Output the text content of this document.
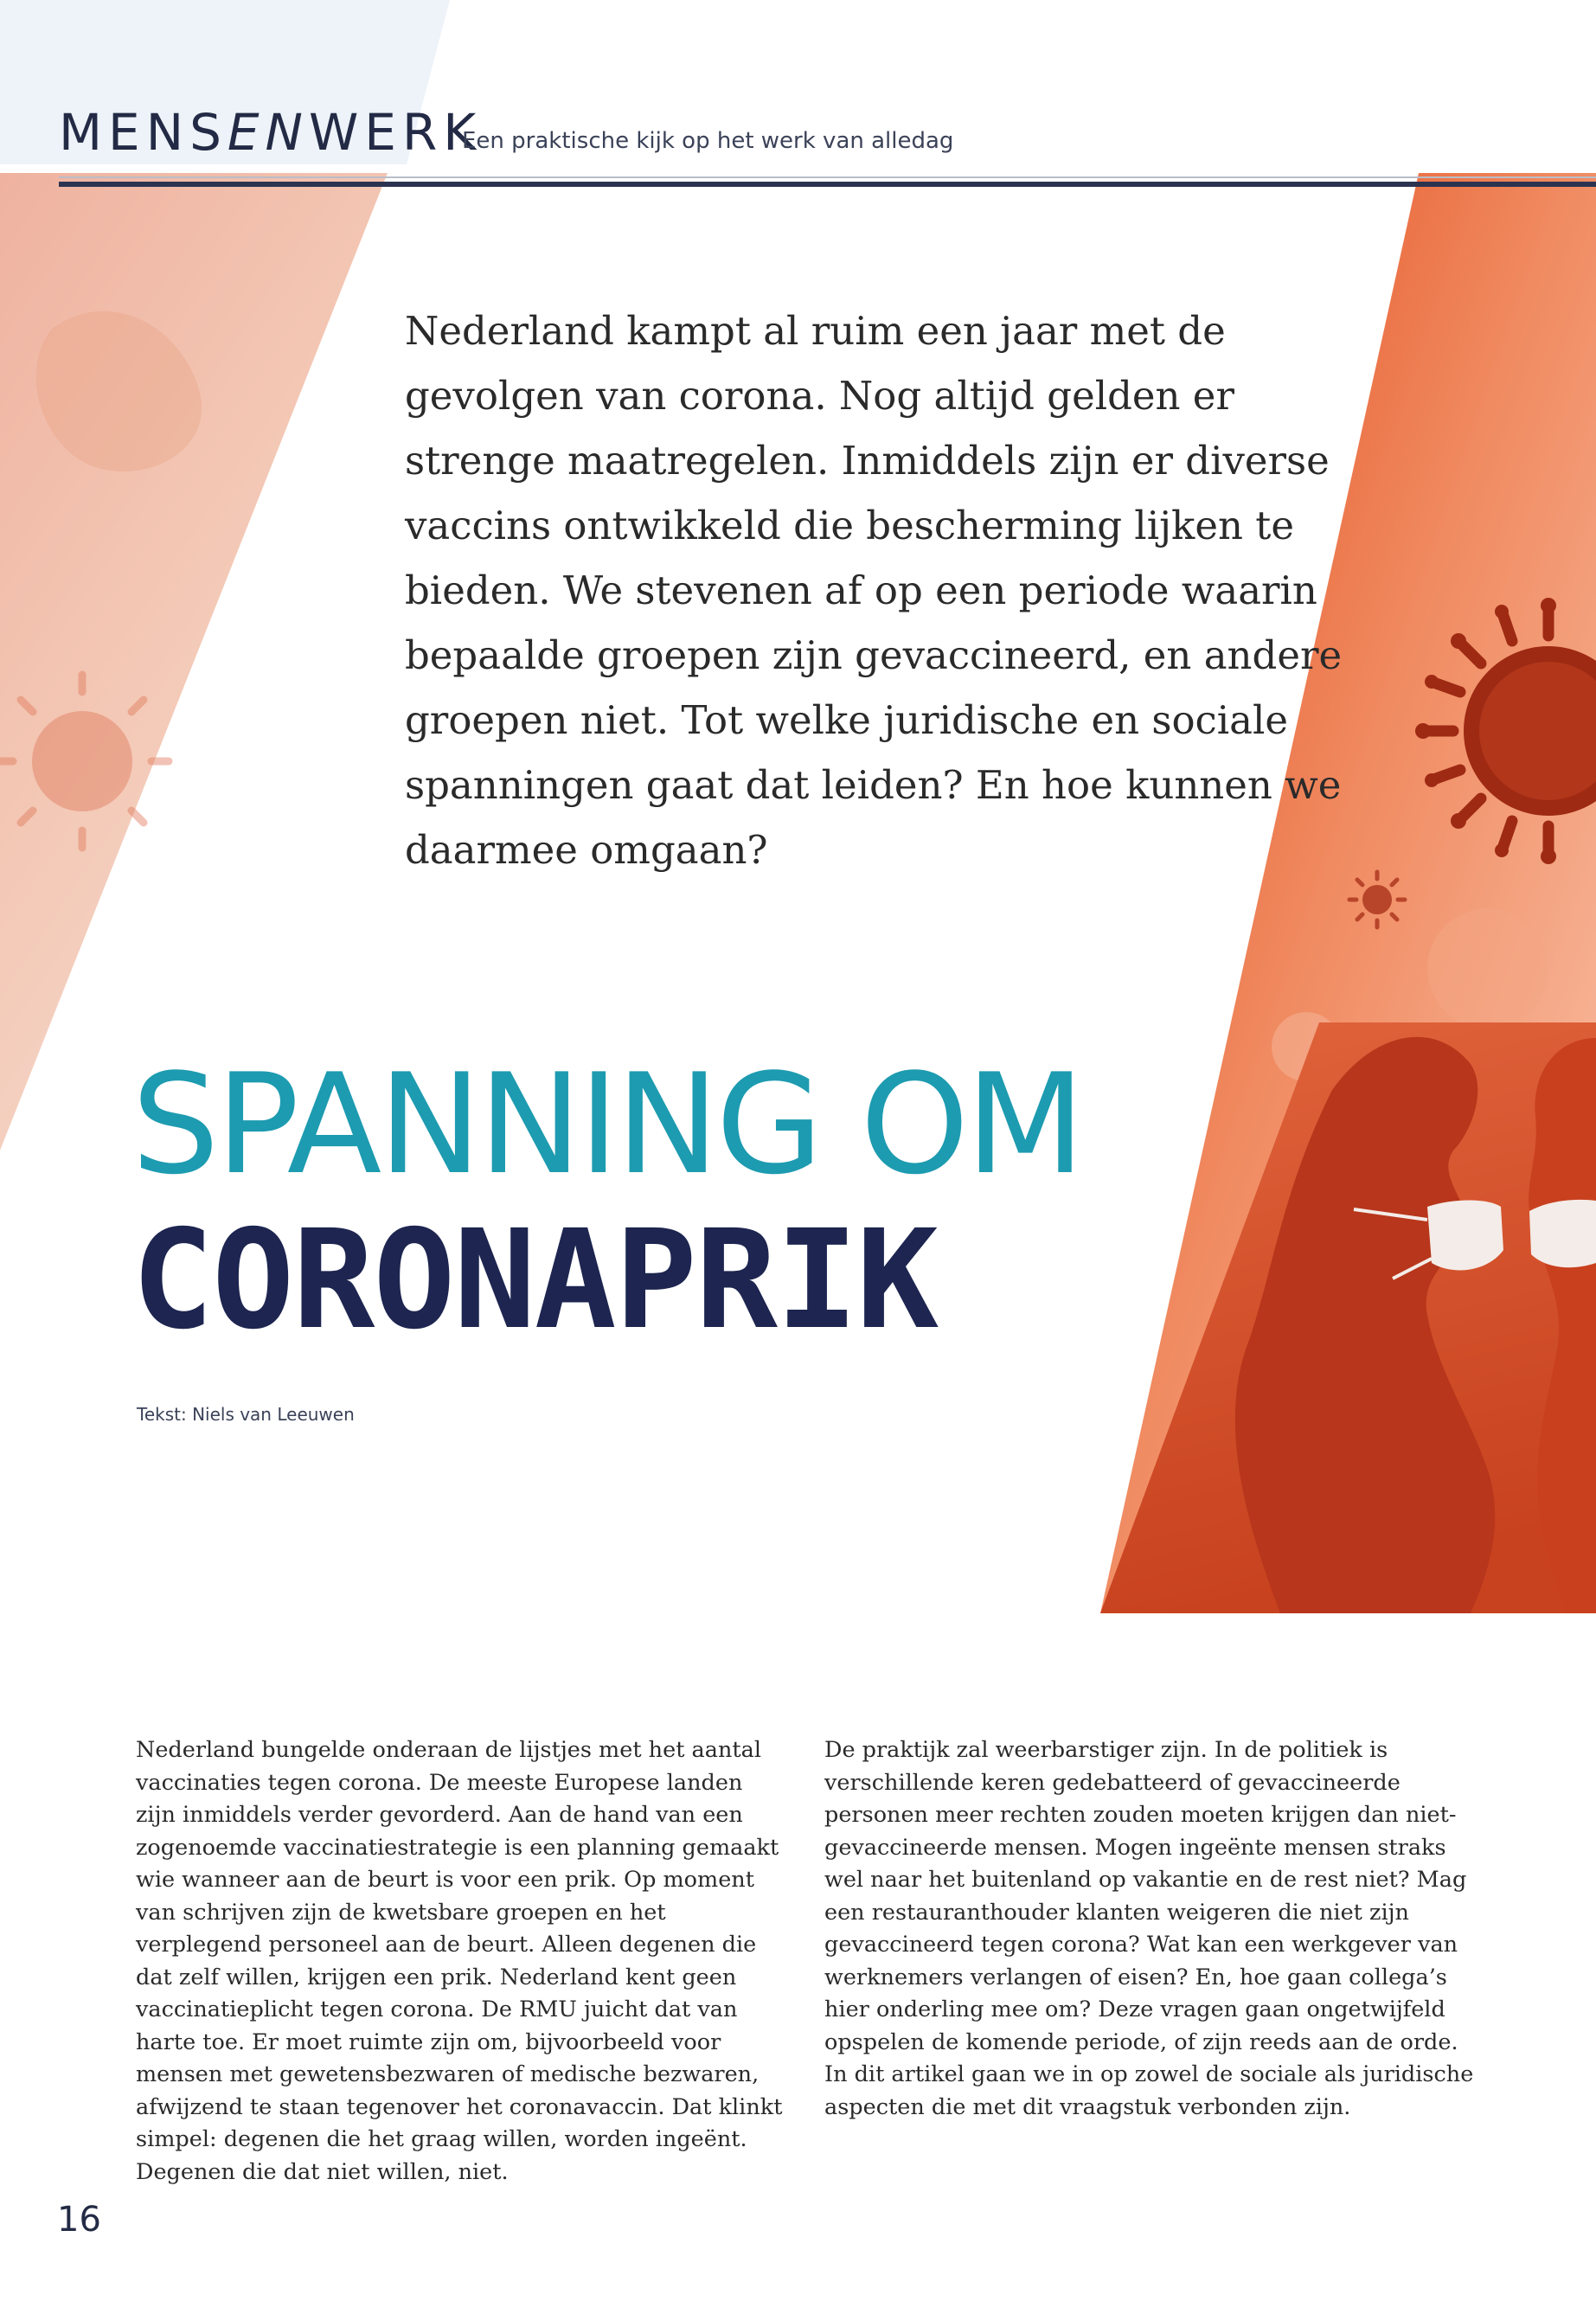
MENSENWERK
Een praktische kijk op het werk van alledag

Nederland kampt al ruim een jaar met de gevolgen van corona. Nog altijd gelden er strenge maatregelen. Inmiddels zijn er diverse vaccins ontwikkeld die bescherming lijken te bieden. We stevenen af op een periode waarin bepaalde groepen zijn gevaccineerd, en andere groepen niet. Tot welke juridische en sociale spanningen gaat dat leiden? En hoe kunnen we daarmee omgaan?

SPANNING OM
CORONAPRIK
Tekst: Niels van Leeuwen

Nederland bungelde onderaan de lijstjes met het aantal vaccinaties tegen corona. De meeste Europese landen zijn inmiddels verder gevorderd. Aan de hand van een zogenoemde vaccinatiestrategie is een planning gemaakt wie wanneer aan de beurt is voor een prik. Op moment van schrijven zijn de kwetsbare groepen en het verplegend personeel aan de beurt. Alleen degenen die dat zelf willen, krijgen een prik. Nederland kent geen vaccinatieplicht tegen corona. De RMU juicht dat van harte toe. Er moet ruimte zijn om, bijvoorbeeld voor mensen met gewetensbezwaren of medische bezwaren, afwijzend te staan tegenover het coronavaccin. Dat klinkt simpel: degenen die het graag willen, worden ingeënt. Degenen die dat niet willen, niet.

De praktijk zal weerbarstiger zijn. In de politiek is verschillende keren gedebatteerd of gevaccineerde personen meer rechten zouden moeten krijgen dan niet-gevaccineerde mensen. Mogen ingeënte mensen straks wel naar het buitenland op vakantie en de rest niet? Mag een restauranthouder klanten weigeren die niet zijn gevaccineerd tegen corona? Wat kan een werkgever van werknemers verlangen of eisen? En, hoe gaan collega’s hier onderling mee om? Deze vragen gaan ongetwijfeld opspelen de komende periode, of zijn reeds aan de orde. In dit artikel gaan we in op zowel de sociale als juridische aspecten die met dit vraagstuk verbonden zijn.

16
